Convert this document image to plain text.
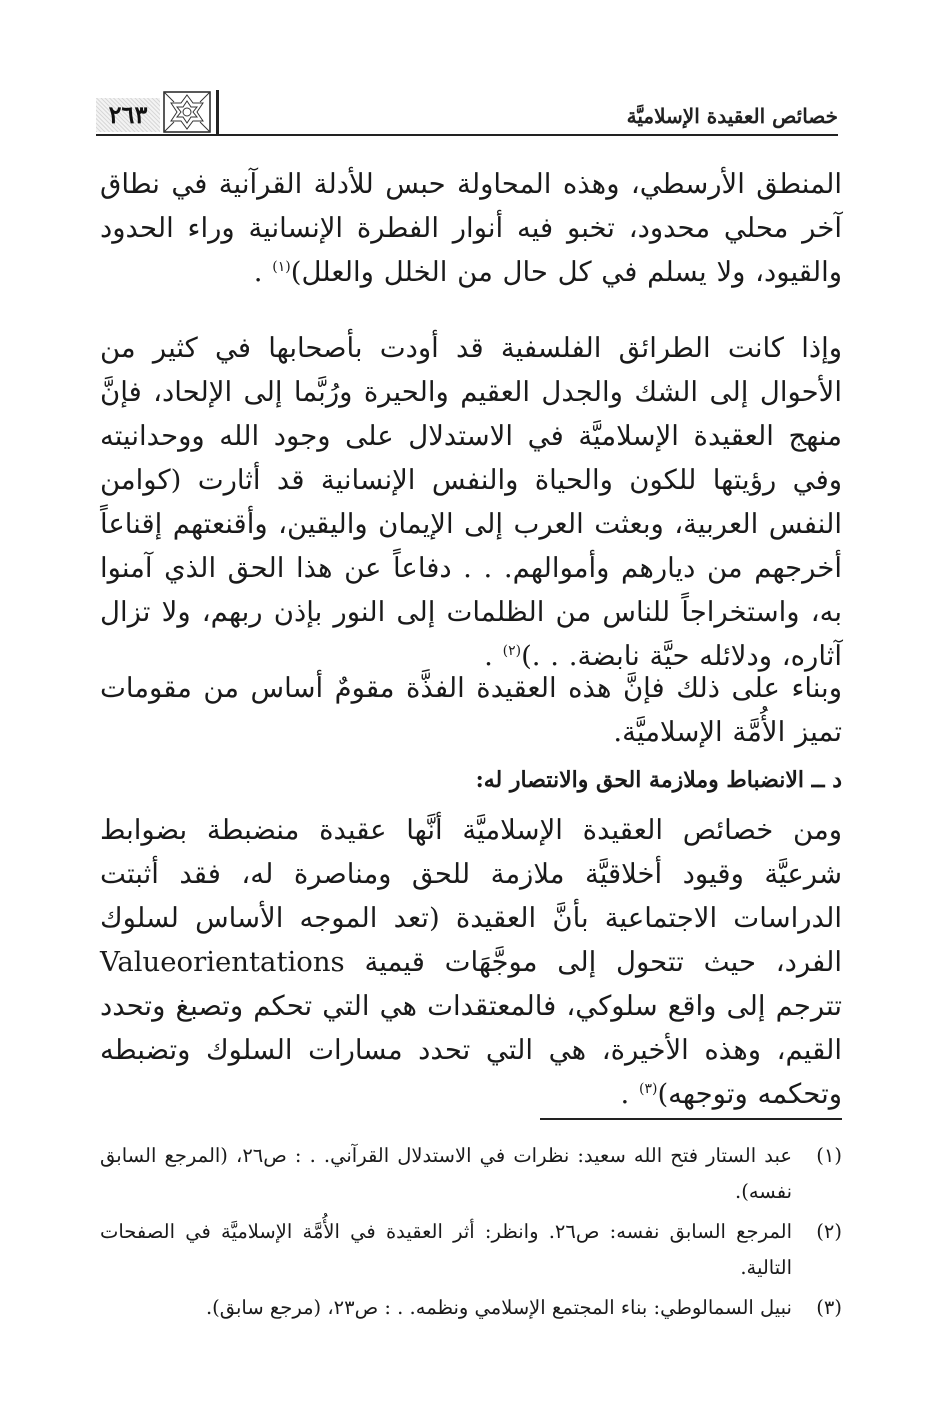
خصائص العقيدة الإسلاميَّة
٢٦٣

المنطق الأرسطي، وهذه المحاولة حبس للأدلة القرآنية في نطاق آخر محلي محدود، تخبو فيه أنوار الفطرة الإنسانية وراء الحدود والقيود، ولا يسلم في كل حال من الخلل والعلل)$^{(١)}$ .

وإذا كانت الطرائق الفلسفية قد أودت بأصحابها في كثير من الأحوال إلى الشك والجدل العقيم والحيرة ورُبَّما إلى الإلحاد، فإنَّ منهج العقيدة الإسلاميَّة في الاستدلال على وجود الله ووحدانيته وفي رؤيتها للكون والحياة والنفس الإنسانية قد أثارت (كوامن النفس العربية، وبعثت العرب إلى الإيمان واليقين، وأقنعتهم إقناعاً أخرجهم من ديارهم وأموالهم. . . دفاعاً عن هذا الحق الذي آمنوا به، واستخراجاً للناس من الظلمات إلى النور بإذن ربهم، ولا تزال آثاره، ودلائله حيَّة نابضة. . .)$^{(٢)}$ .

وبناء على ذلك فإنَّ هذه العقيدة الفذَّة مقومٌ أساس من مقومات تميز الأُمَّة الإسلاميَّة.

د ــ الانضباط وملازمة الحق والانتصار له:

ومن خصائص العقيدة الإسلاميَّة أنَّها عقيدة منضبطة بضوابط شرعيَّة وقيود أخلاقيَّة ملازمة للحق ومناصرة له، فقد أثبتت الدراسات الاجتماعية بأنَّ العقيدة (تعد الموجه الأساس لسلوك الفرد، حيث تتحول إلى موجَّهَات قيمية Valueorientations تترجم إلى واقع سلوكي، فالمعتقدات هي التي تحكم وتصبغ وتحدد القيم، وهذه الأخيرة، هي التي تحدد مسارات السلوك وتضبطه وتحكمه وتوجهه)$^{(٣)}$ .

(١)
عبد الستار فتح الله سعيد: نظرات في الاستدلال القرآني. . : ص٢٦، (المرجع السابق نفسه).
(٢)
المرجع السابق نفسه: ص٢٦. وانظر: أثر العقيدة في الأُمَّة الإسلاميَّة في الصفحات التالية.
(٣)
نبيل السمالوطي: بناء المجتمع الإسلامي ونظمه. . : ص٢٣، (مرجع سابق).
